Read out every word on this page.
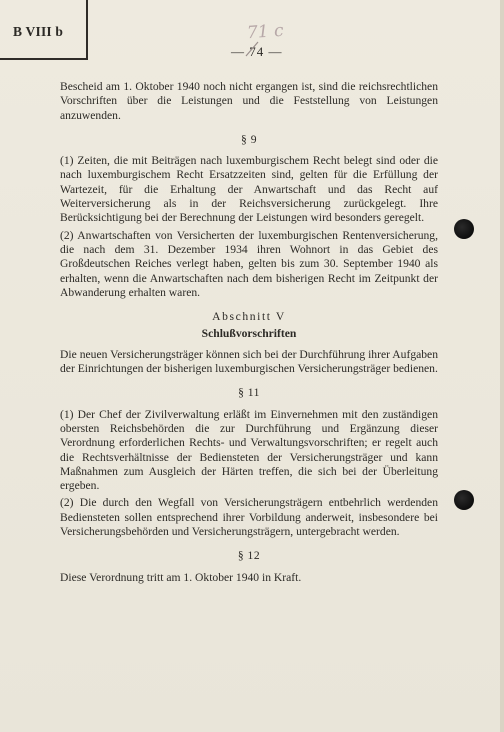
B VIII b	71 c
— 74 —

Bescheid am 1. Oktober 1940 noch nicht ergangen ist, sind die reichsrechtlichen Vorschriften über die Leistungen und die Feststellung von Leistungen anzuwenden.

§ 9

(1) Zeiten, die mit Beiträgen nach luxemburgischem Recht belegt sind oder die nach luxemburgischem Recht Ersatzzeiten sind, gelten für die Erfüllung der Wartezeit, für die Erhaltung der Anwartschaft und das Recht auf Weiterversicherung als in der Reichsversicherung zurückgelegt. Ihre Berücksichtigung bei der Berechnung der Leistungen wird besonders geregelt.

(2) Anwartschaften von Versicherten der luxemburgischen Rentenversicherung, die nach dem 31. Dezember 1934 ihren Wohnort in das Gebiet des Großdeutschen Reiches verlegt haben, gelten bis zum 30. September 1940 als erhalten, wenn die Anwartschaften nach dem bisherigen Recht im Zeitpunkt der Abwanderung erhalten waren.

Abschnitt V

Schlußvorschriften

Die neuen Versicherungsträger können sich bei der Durchführung ihrer Aufgaben der Einrichtungen der bisherigen luxemburgischen Versicherungsträger bedienen.

§ 11

(1) Der Chef der Zivilverwaltung erläßt im Einvernehmen mit den zuständigen obersten Reichsbehörden die zur Durchführung und Ergänzung dieser Verordnung erforderlichen Rechts- und Verwaltungsvorschriften; er regelt auch die Rechtsverhältnisse der Bediensteten der Versicherungsträger und kann Maßnahmen zum Ausgleich der Härten treffen, die sich bei der Überleitung ergeben.

(2) Die durch den Wegfall von Versicherungsträgern entbehrlich werdenden Bediensteten sollen entsprechend ihrer Vorbildung anderweit, insbesondere bei Versicherungsbehörden und Versicherungsträgern, untergebracht werden.

§ 12

Diese Verordnung tritt am 1. Oktober 1940 in Kraft.
